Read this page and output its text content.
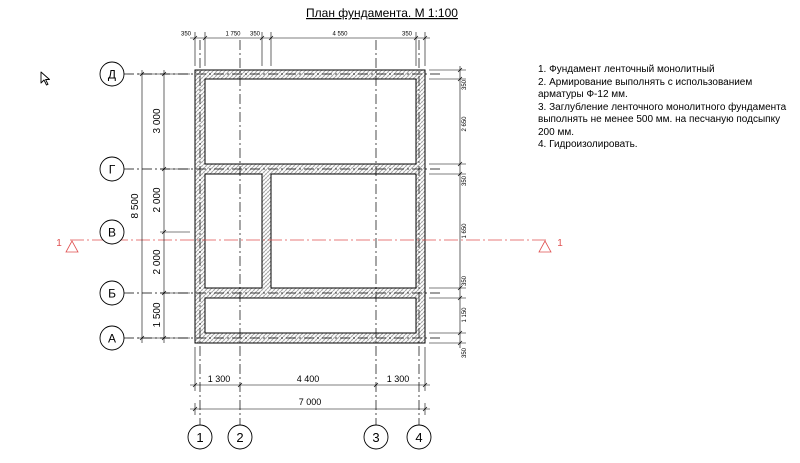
План фундамента. М 1:100
1	1
Д
Г
В
Б
А
1	2	3	4
350	1 750 350	4 550	350
3 000
2 000
2 000
1 500
8 500
350
2 650
350
1 650
350
1 150
350
1 300	4 400	1 300
7 000
1. Фундамент ленточный монолитный
2. Армирование выполнять с использованием арматуры Ф-12 мм.
3. Заглубление ленточного монолитного фундамента выполнять не менее 500 мм. на песчаную подсыпку 200 мм.
4. Гидроизолировать.
